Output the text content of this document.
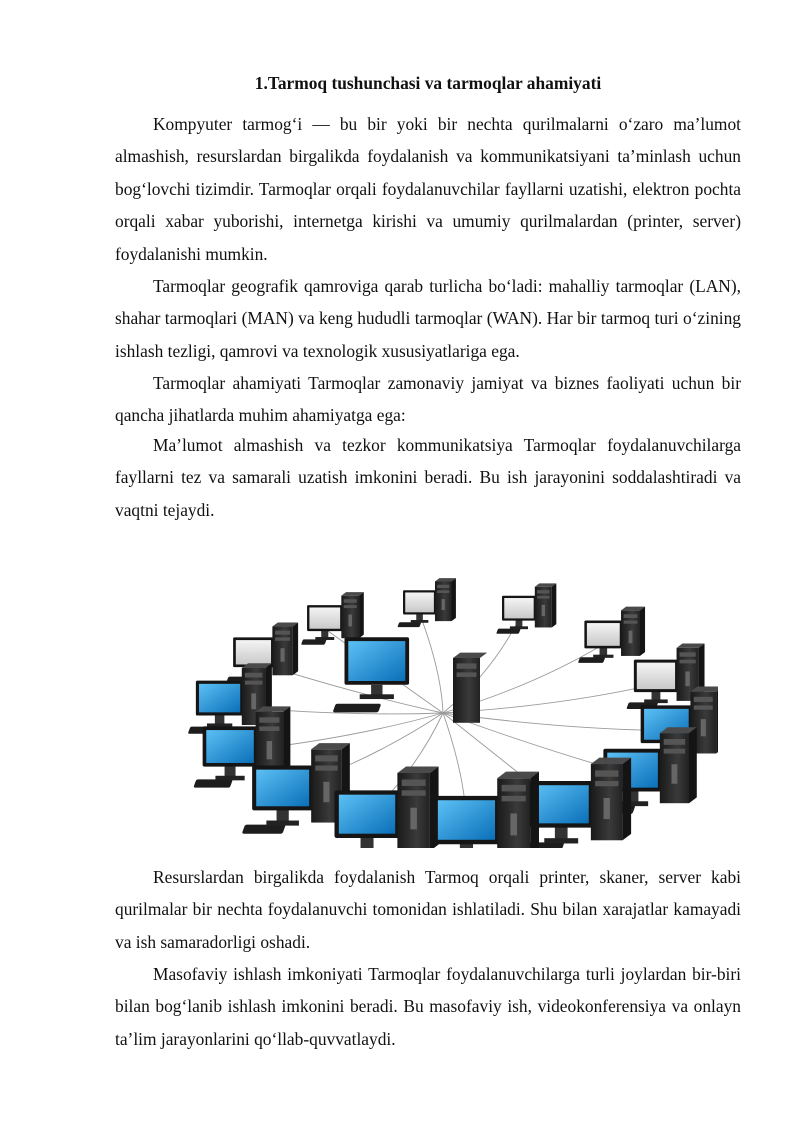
1.Tarmoq tushunchasi va tarmoqlar ahamiyati

Kompyuter tarmog‘i — bu bir yoki bir nechta qurilmalarni o‘zaro ma’lumot almashish, resurslardan birgalikda foydalanish va kommunikatsiyani ta’minlash uchun bog‘lovchi tizimdir. Tarmoqlar orqali foydalanuvchilar fayllarni uzatishi, elektron pochta orqali xabar yuborishi, internetga kirishi va umumiy qurilmalardan (printer, server) foydalanishi mumkin.

Tarmoqlar geografik qamroviga qarab turlicha bo‘ladi: mahalliy tarmoqlar (LAN), shahar tarmoqlari (MAN) va keng hududli tarmoqlar (WAN). Har bir tarmoq turi o‘zining ishlash tezligi, qamrovi va texnologik xususiyatlariga ega.

Tarmoqlar ahamiyati Tarmoqlar zamonaviy jamiyat va biznes faoliyati uchun bir qancha jihatlarda muhim ahamiyatga ega:

Ma’lumot almashish va tezkor kommunikatsiya Tarmoqlar foydalanuvchilarga fayllarni tez va samarali uzatish imkonini beradi. Bu ish jarayonini soddalashtiradi va vaqtni tejaydi.

Resurslardan birgalikda foydalanish Tarmoq orqali printer, skaner, server kabi qurilmalar bir nechta foydalanuvchi tomonidan ishlatiladi. Shu bilan xarajatlar kamayadi va ish samaradorligi oshadi.

Masofaviy ishlash imkoniyati Tarmoqlar foydalanuvchilarga turli joylardan bir-biri bilan bog‘lanib ishlash imkonini beradi. Bu masofaviy ish, videokonferensiya va onlayn ta’lim jarayonlarini qo‘llab-quvvatlaydi.
